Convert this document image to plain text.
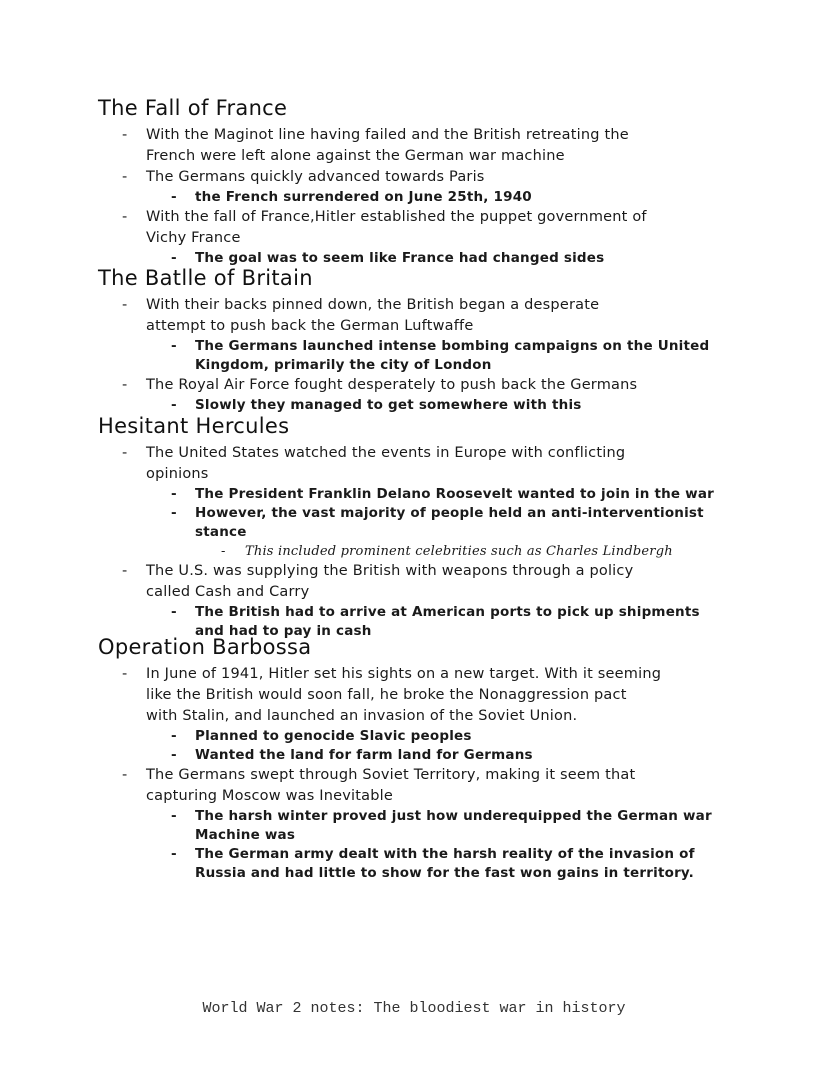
World War 2 notes: The bloodiest war in history
The Fall of France
- With the Maginot line having failed and the British retreating the
French were left alone against the German war machine
- The Germans quickly advanced towards Paris
- the French surrendered on June 25th, 1940
- With the fall of France,Hitler established the puppet government of
Vichy France
- The goal was to seem like France had changed sides
The Batlle of Britain
- With their backs pinned down, the British began a desperate
attempt to push back the German Luftwaffe
- The Germans launched intense bombing campaigns on the United
Kingdom, primarily the city of London
- The Royal Air Force fought desperately to push back the Germans
- Slowly they managed to get somewhere with this
Hesitant Hercules
- The United States watched the events in Europe with conflicting
opinions
- The President Franklin Delano Roosevelt wanted to join in the war
- However, the vast majority of people held an anti-interventionist
stance
- This included prominent celebrities such as Charles Lindbergh
- The U.S. was supplying the British with weapons through a policy
called Cash and Carry
- The British had to arrive at American ports to pick up shipments
and had to pay in cash
Operation Barbossa
- In June of 1941, Hitler set his sights on a new target. With it seeming
like the British would soon fall, he broke the Nonaggression pact
with Stalin, and launched an invasion of the Soviet Union.
- Planned to genocide Slavic peoples
- Wanted the land for farm land for Germans
- The Germans swept through Soviet Territory, making it seem that
capturing Moscow was Inevitable
- The harsh winter proved just how underequipped the German war
Machine was
- The German army dealt with the harsh reality of the invasion of
Russia and had little to show for the fast won gains in territory.
